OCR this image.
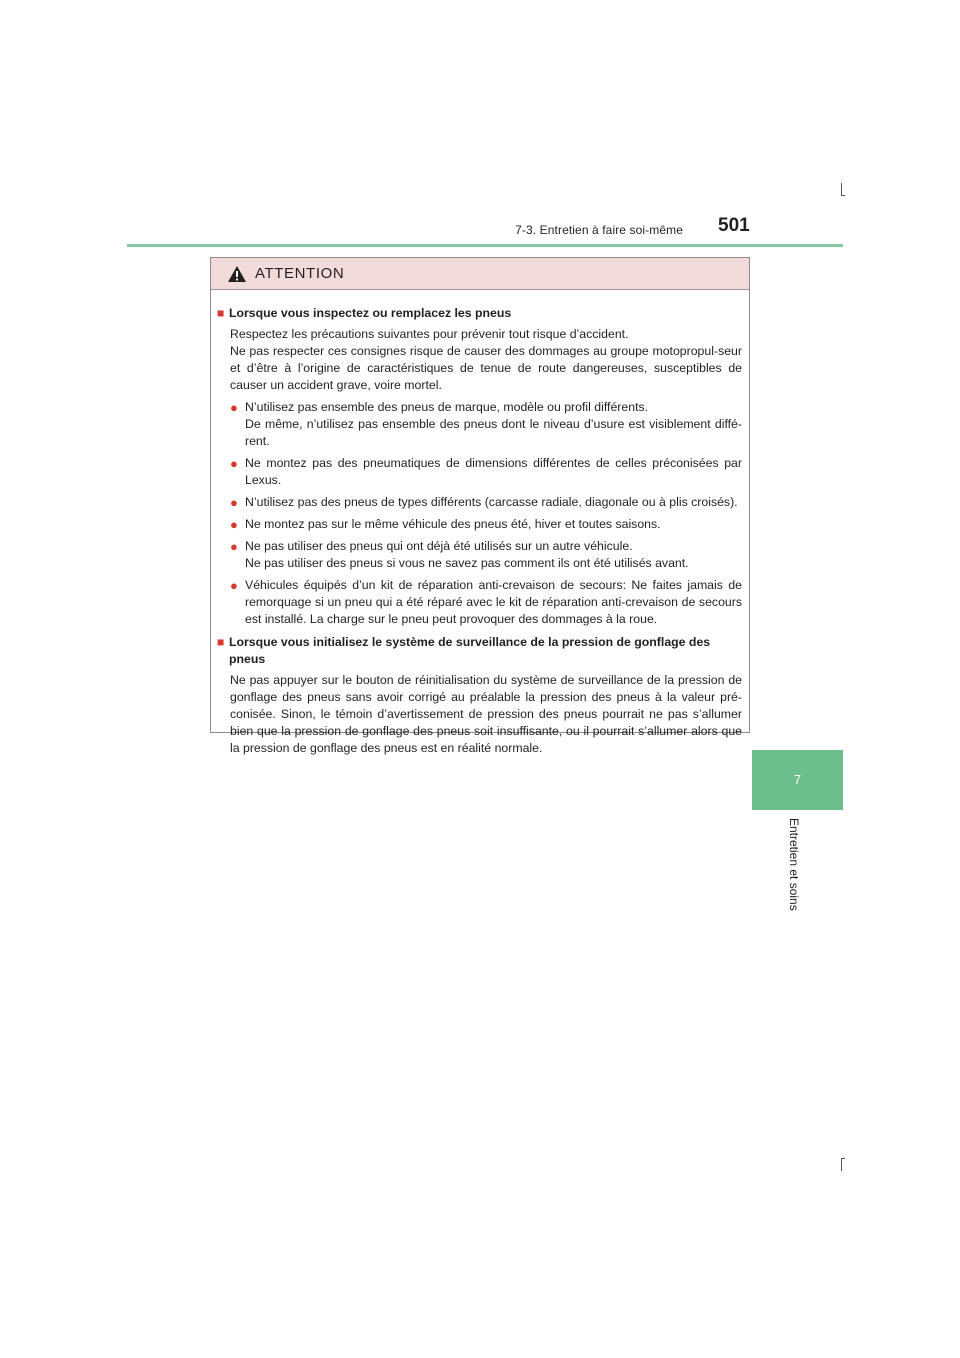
7-3. Entretien à faire soi-même 501
7
Entretien et soins
ATTENTION
■ Lorsque vous inspectez ou remplacez les pneus
Respectez les précautions suivantes pour prévenir tout risque d’accident.
Ne pas respecter ces consignes risque de causer des dommages au groupe motopropul-seur et d’être à l’origine de caractéristiques de tenue de route dangereuses, susceptibles de causer un accident grave, voire mortel.
● N’utilisez pas ensemble des pneus de marque, modèle ou profil différents.
De même, n’utilisez pas ensemble des pneus dont le niveau d’usure est visiblement diffé-rent.
● Ne montez pas des pneumatiques de dimensions différentes de celles préconisées par Lexus.
● N’utilisez pas des pneus de types différents (carcasse radiale, diagonale ou à plis croisés).
● Ne montez pas sur le même véhicule des pneus été, hiver et toutes saisons.
● Ne pas utiliser des pneus qui ont déjà été utilisés sur un autre véhicule.
Ne pas utiliser des pneus si vous ne savez pas comment ils ont été utilisés avant.
● Véhicules équipés d’un kit de réparation anti-crevaison de secours: Ne faites jamais de remorquage si un pneu qui a été réparé avec le kit de réparation anti-crevaison de secours est installé. La charge sur le pneu peut provoquer des dommages à la roue.
■ Lorsque vous initialisez le système de surveillance de la pression de gonflage des pneus
Ne pas appuyer sur le bouton de réinitialisation du système de surveillance de la pression de gonflage des pneus sans avoir corrigé au préalable la pression des pneus à la valeur pré-conisée. Sinon, le témoin d’avertissement de pression des pneus pourrait ne pas s’allumer bien que la pression de gonflage des pneus soit insuffisante, ou il pourrait s’allumer alors que la pression de gonflage des pneus est en réalité normale.
